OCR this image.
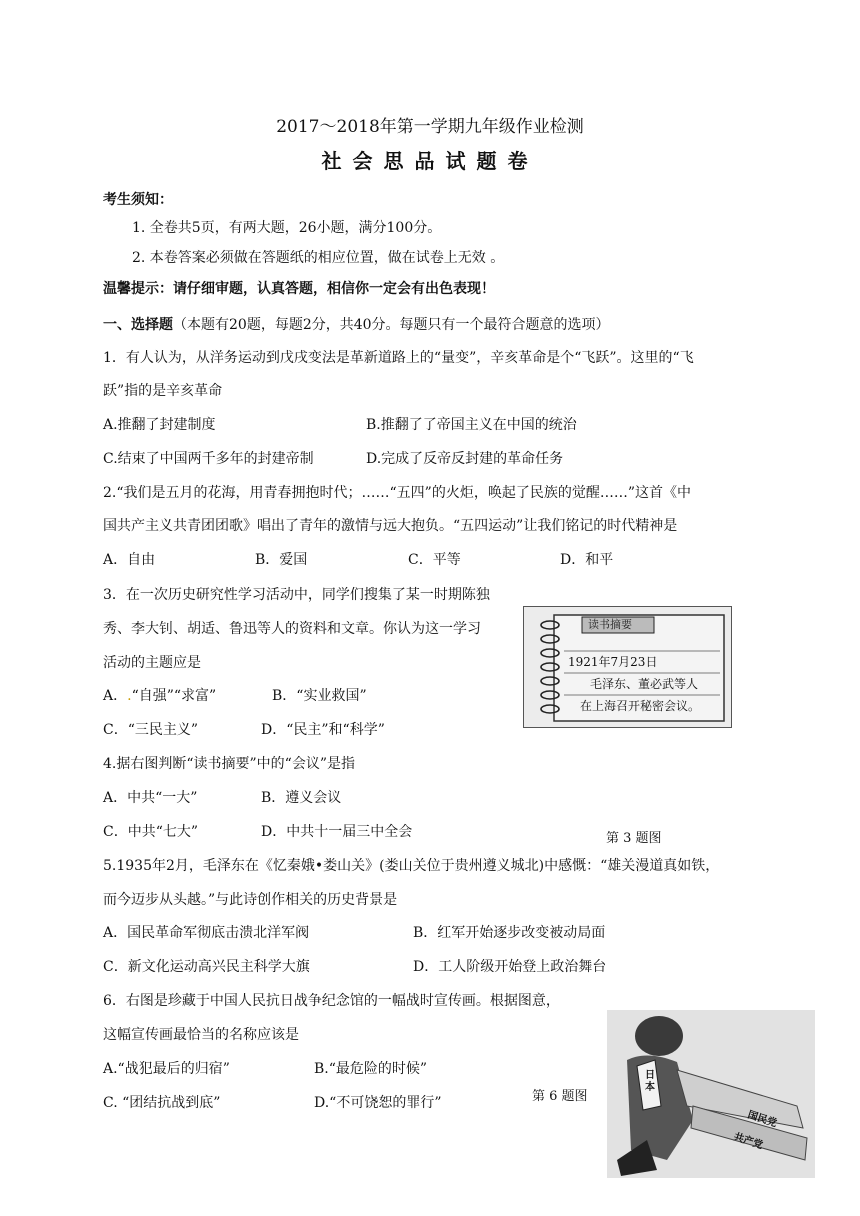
2017～2018年第一学期九年级作业检测
社会思品试题卷
考生须知：
1. 全卷共5页，有两大题，26小题，满分100分。
2. 本卷答案必须做在答题纸的相应位置，做在试卷上无效 。
温馨提示：请仔细审题，认真答题，相信你一定会有出色表现！
一、选择题（本题有20题，每题2分，共40分。每题只有一个最符合题意的选项）
1．有人认为，从洋务运动到戊戌变法是革新道路上的“量变”，辛亥革命是个“飞跃”。这里的“飞
跃”指的是辛亥革命
A.推翻了封建制度	B.推翻了了帝国主义在中国的统治
C.结束了中国两千多年的封建帝制	D.完成了反帝反封建的革命任务
2.“我们是五月的花海，用青春拥抱时代；……“五四”的火炬，唤起了民族的觉醒……”这首《中
国共产主义共青团团歌》唱出了青年的激情与远大抱负。“五四运动”让我们铭记的时代精神是
A．自由	B．爱国	C．平等	D．和平
3．在一次历史研究性学习活动中，同学们搜集了某一时期陈独
秀、李大钊、胡适、鲁迅等人的资料和文章。你认为这一学习
活动的主题应是
A．.“自强”“求富”	B．“实业救国”
C．“三民主义”	D．“民主”和“科学”
4.据右图判断“读书摘要”中的“会议”是指
A．中共“一大”	B．遵义会议
C．中共“七大”	D．中共十一届三中全会
读书摘要
1921年7月23日
毛泽东、董必武等人
在上海召开秘密会议。
第 3 题图
5.1935年2月，毛泽东在《忆秦娥•娄山关》(娄山关位于贵州遵义城北)中感慨：“雄关漫道真如铁，
而今迈步从头越。”与此诗创作相关的历史背景是
A．国民革命军彻底击溃北洋军阀	B．红军开始逐步改变被动局面
C．新文化运动高兴民主科学大旗	D．工人阶级开始登上政治舞台
6．右图是珍藏于中国人民抗日战争纪念馆的一幅战时宣传画。根据图意，
这幅宣传画最恰当的名称应该是
A.“战犯最后的归宿”	B.“最危险的时候”
C. “团结抗战到底”	D.“不可饶恕的罪行”	第 6 题图
日本
国民党
共产党
